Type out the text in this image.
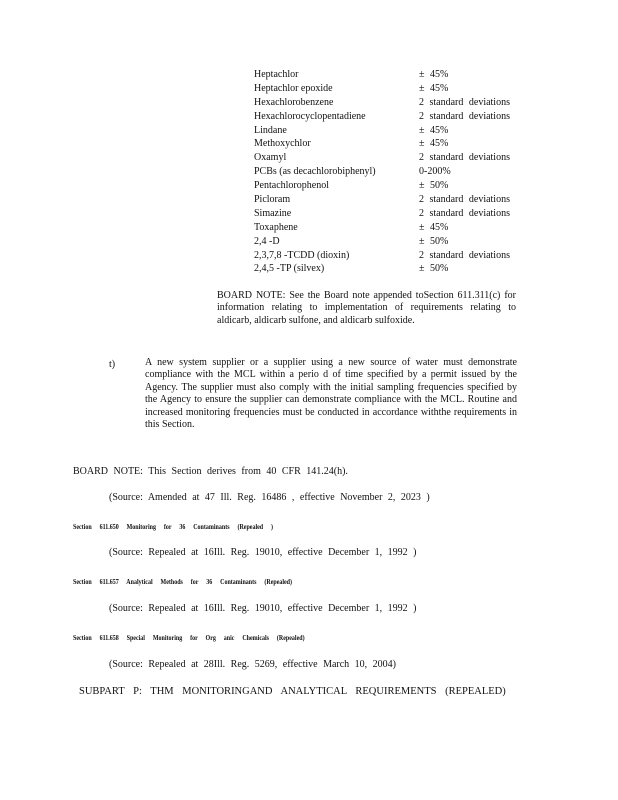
Heptachlor	± 45%
Heptachlor epoxide	± 45%
Hexachlorobenzene	2 standard deviations
Hexachlorocyclopentadiene	2 standard deviations
Lindane	± 45%
Methoxychlor	± 45%
Oxamyl	2 standard deviations
PCBs (as decachlorobiphenyl)	0-200%
Pentachlorophenol	± 50%
Picloram	2 standard deviations
Simazine	2 standard deviations
Toxaphene	± 45%
2,4 -D	± 50%
2,3,7,8 -TCDD (dioxin)	2 standard deviations
2,4,5 -TP (silvex)	± 50%
BOARD NOTE: See the Board note appended toSection 611.311(c) for information relating to implementation of requirements relating to aldicarb, aldicarb sulfone, and aldicarb sulfoxide.
t)	A new system supplier or a supplier using a new source of water must demonstrate compliance with the MCL within a perio d of time specified by a permit issued by the Agency. The supplier must also comply with the initial sampling frequencies specified by the Agency to ensure the supplier can demonstrate compliance with the MCL. Routine and increased monitoring frequencies must be conducted in accordance withthe requirements in this Section.
BOARD NOTE: This Section derives from 40 CFR 141.24(h).
(Source: Amended at 47 Ill. Reg. 16486 , effective November 2, 2023 )
Section 611.650 Monitoring for 36 Contaminants (Repealed )
(Source: Repealed at 16Ill. Reg. 19010, effective December 1, 1992 )
Section 611.657 Analytical Methods for 36 Contaminants (Repealed)
(Source: Repealed at 16Ill. Reg. 19010, effective December 1, 1992 )
Section 611.658 Special Monitoring for Org anic Chemicals (Repealed)
(Source: Repealed at 28Ill. Reg. 5269, effective March 10, 2004)
SUBPART P: THM MONITORINGAND ANALYTICAL REQUIREMENTS (REPEALED)
